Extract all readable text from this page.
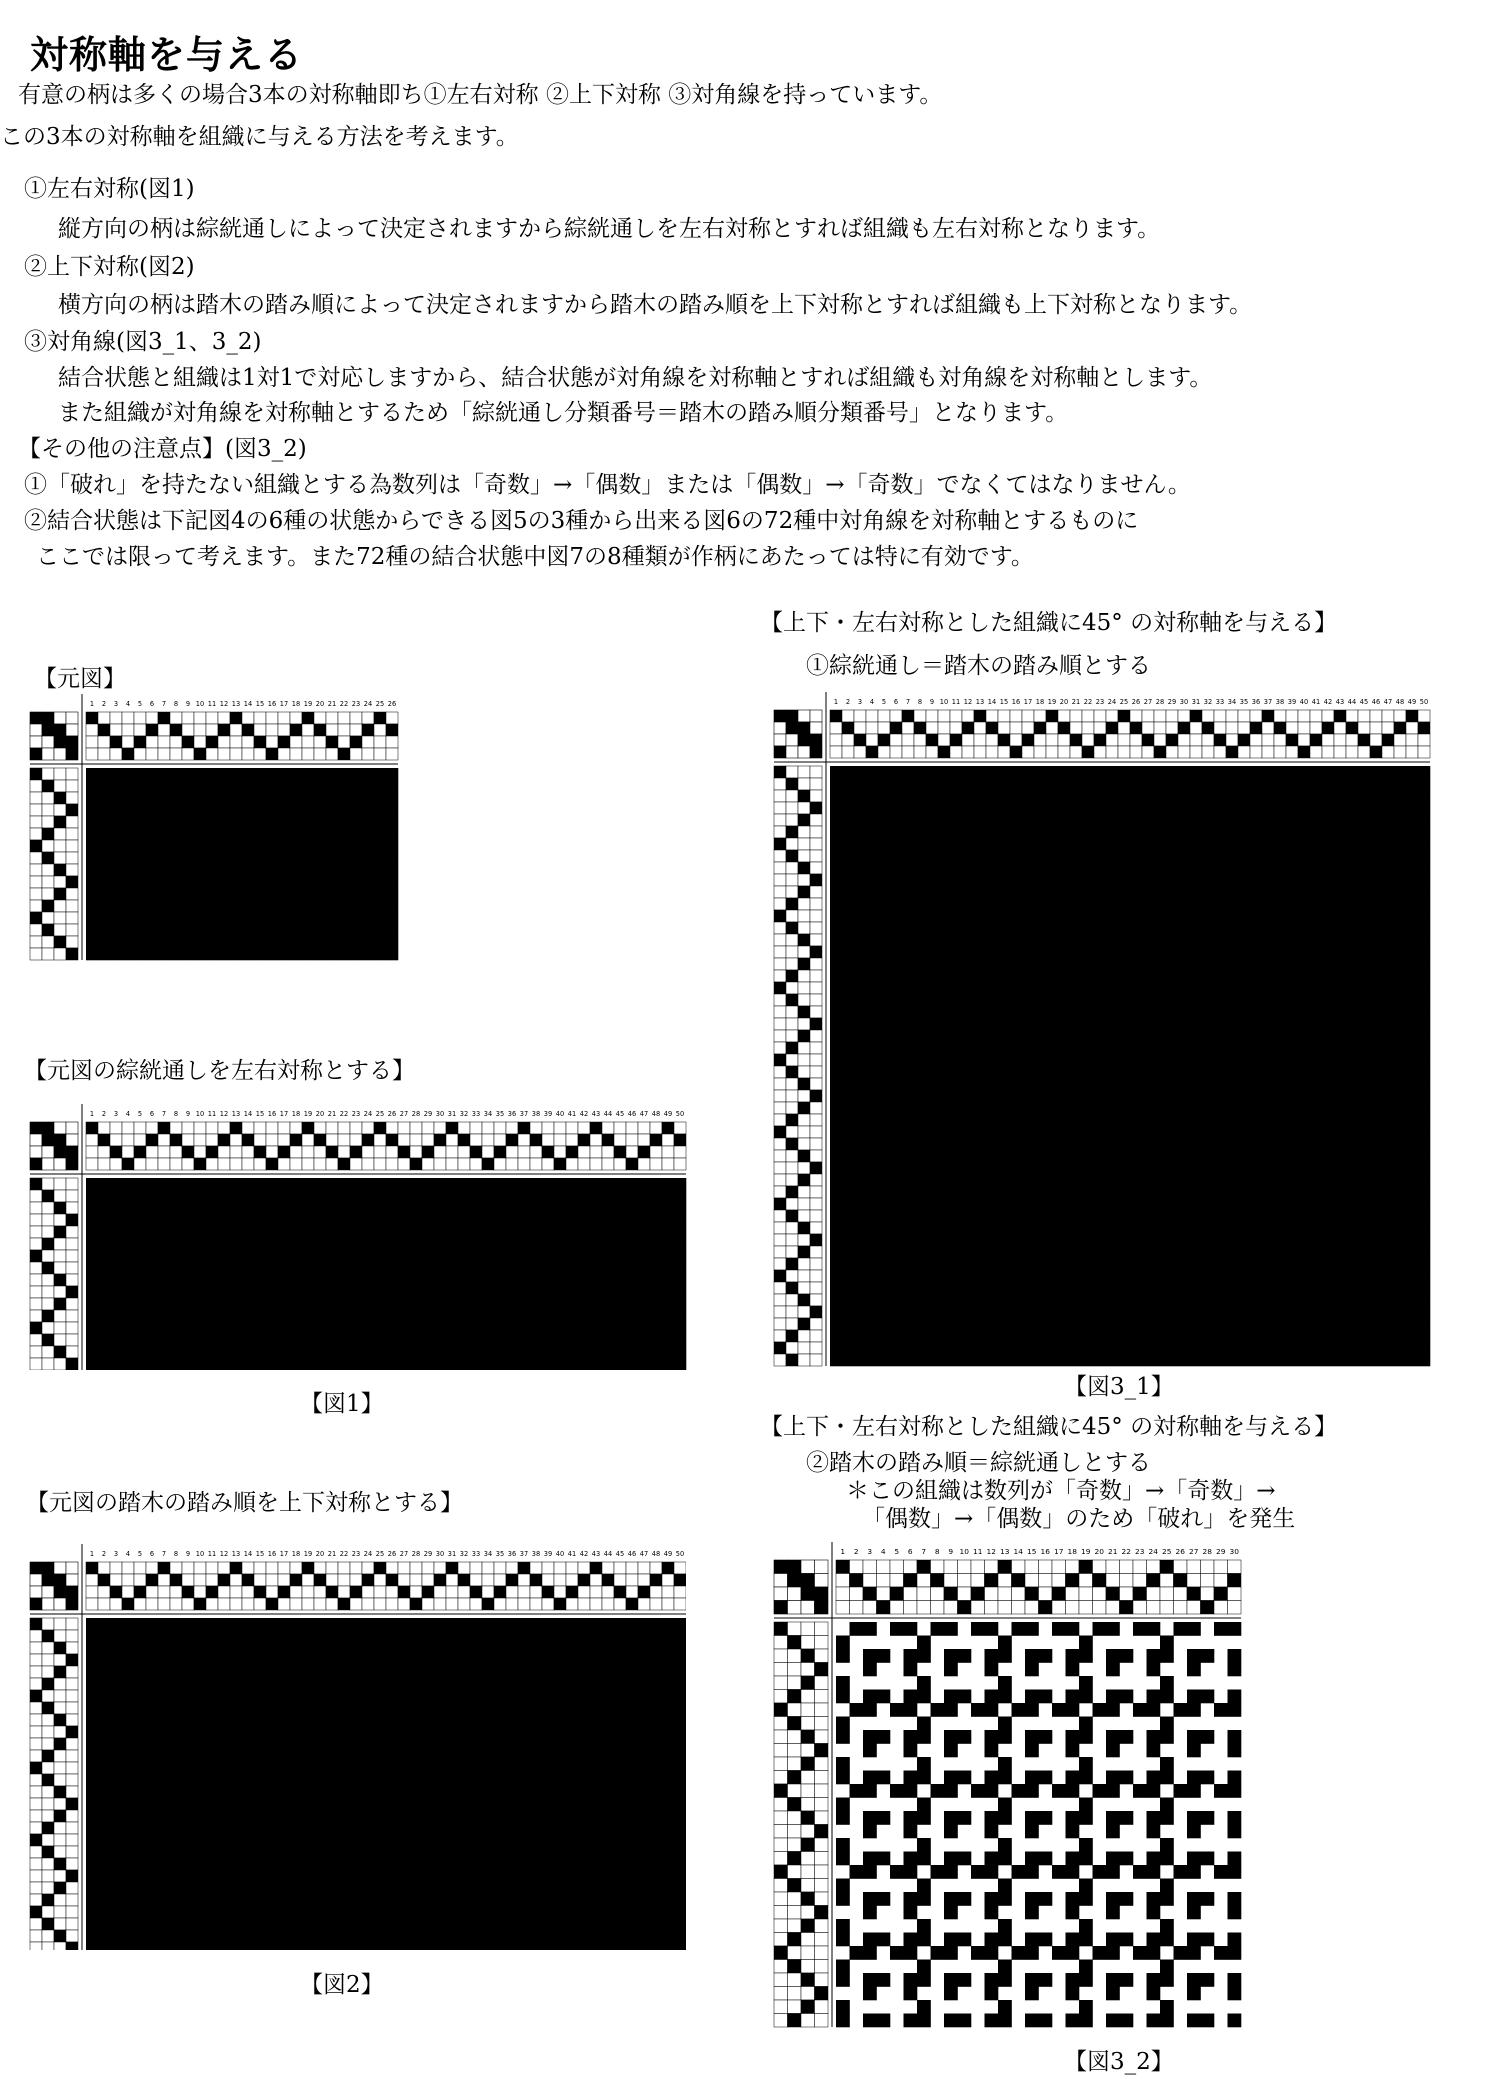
対称軸を与える
有意の柄は多くの場合3本の対称軸即ち①左右対称 ②上下対称 ③対角線を持っています。
この3本の対称軸を組織に与える方法を考えます。
①左右対称(図1)
縦方向の柄は綜絖通しによって決定されますから綜絖通しを左右対称とすれば組織も左右対称となります。
②上下対称(図2)
横方向の柄は踏木の踏み順によって決定されますから踏木の踏み順を上下対称とすれば組織も上下対称となります。
③対角線(図3_1、3_2)
結合状態と組織は1対1で対応しますから、結合状態が対角線を対称軸とすれば組織も対角線を対称軸とします。
また組織が対角線を対称軸とするため「綜絖通し分類番号＝踏木の踏み順分類番号」となります。
【その他の注意点】(図3_2)
①「破れ」を持たない組織とする為数列は「奇数」→「偶数」または「偶数」→「奇数」でなくてはなりません。
②結合状態は下記図4の6種の状態からできる図5の3種から出来る図6の72種中対角線を対称軸とするものに
ここでは限って考えます。また72種の結合状態中図7の8種類が作柄にあたっては特に有効です。
【元図】
1 2 3 4 5 6 7 8 9 10 11 12 13 14 15 16 17 18 19 20 21 22 23 24 25 26
【元図の綜絖通しを左右対称とする】
1 2 3 4 5 6 7 8 9 10 11 12 13 14 15 16 17 18 19 20 21 22 23 24 25 26 27 28 29 30 31 32 33 34 35 36 37 38 39 40 41 42 43 44 45 46 47 48 49 50
【図1】
【元図の踏木の踏み順を上下対称とする】
1 2 3 4 5 6 7 8 9 10 11 12 13 14 15 16 17 18 19 20 21 22 23 24 25 26 27 28 29 30 31 32 33 34 35 36 37 38 39 40 41 42 43 44 45 46 47 48 49 50
【図2】
【上下・左右対称とした組織に45° の対称軸を与える】
①綜絖通し＝踏木の踏み順とする
1 2 3 4 5 6 7 8 9 10 11 12 13 14 15 16 17 18 19 20 21 22 23 24 25 26 27 28 29 30 31 32 33 34 35 36 37 38 39 40 41 42 43 44 45 46 47 48 49 50
【図3_1】
【上下・左右対称とした組織に45° の対称軸を与える】
②踏木の踏み順＝綜絖通しとする
＊この組織は数列が「奇数」→「奇数」→
「偶数」→「偶数」のため「破れ」を発生
1 2 3 4 5 6 7 8 9 10 11 12 13 14 15 16 17 18 19 20 21 22 23 24 25 26 27 28 29 30
【図3_2】
